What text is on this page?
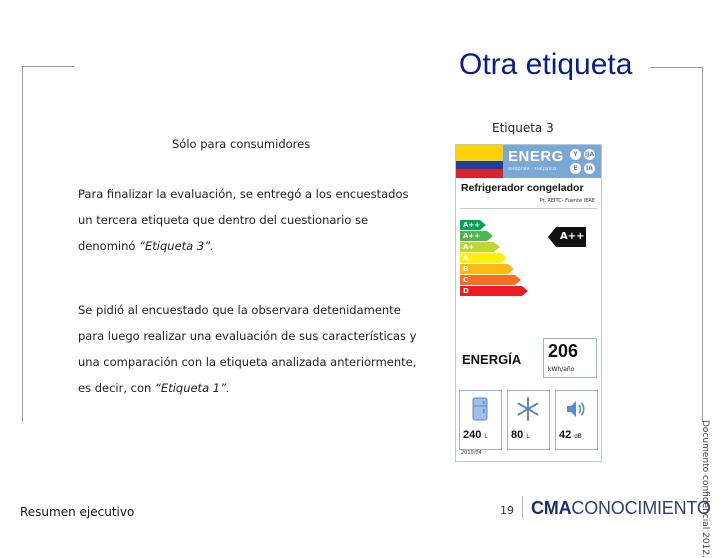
Otra etiqueta
Etiqueta 3
Sólo para consumidores
Para finalizar la evaluación, se entregó a los encuestados
un tercera etiqueta que dentro del cuestionario se
denominó “Etiqueta 3”.
Se pidió al encuestado que la observara detenidamente
para luego realizar una evaluación de sus características y
una comparación con la etiqueta analizada anteriormente,
es decir, con “Etiqueta 1”.
ENERG
енергия · ενέργεια
Y	IJA
E	IA
Refrigerador congelador
Pr. REITC- Fuente IEAE
A+++
A++
A+
A
B
C
D
A++
ENERGÍA 206
kWh/año
240 L 80 L	42 dB
2010/04
Resumen ejecutivo	19 CMACONOCIMIENTO
Documento confidencial 2012.
